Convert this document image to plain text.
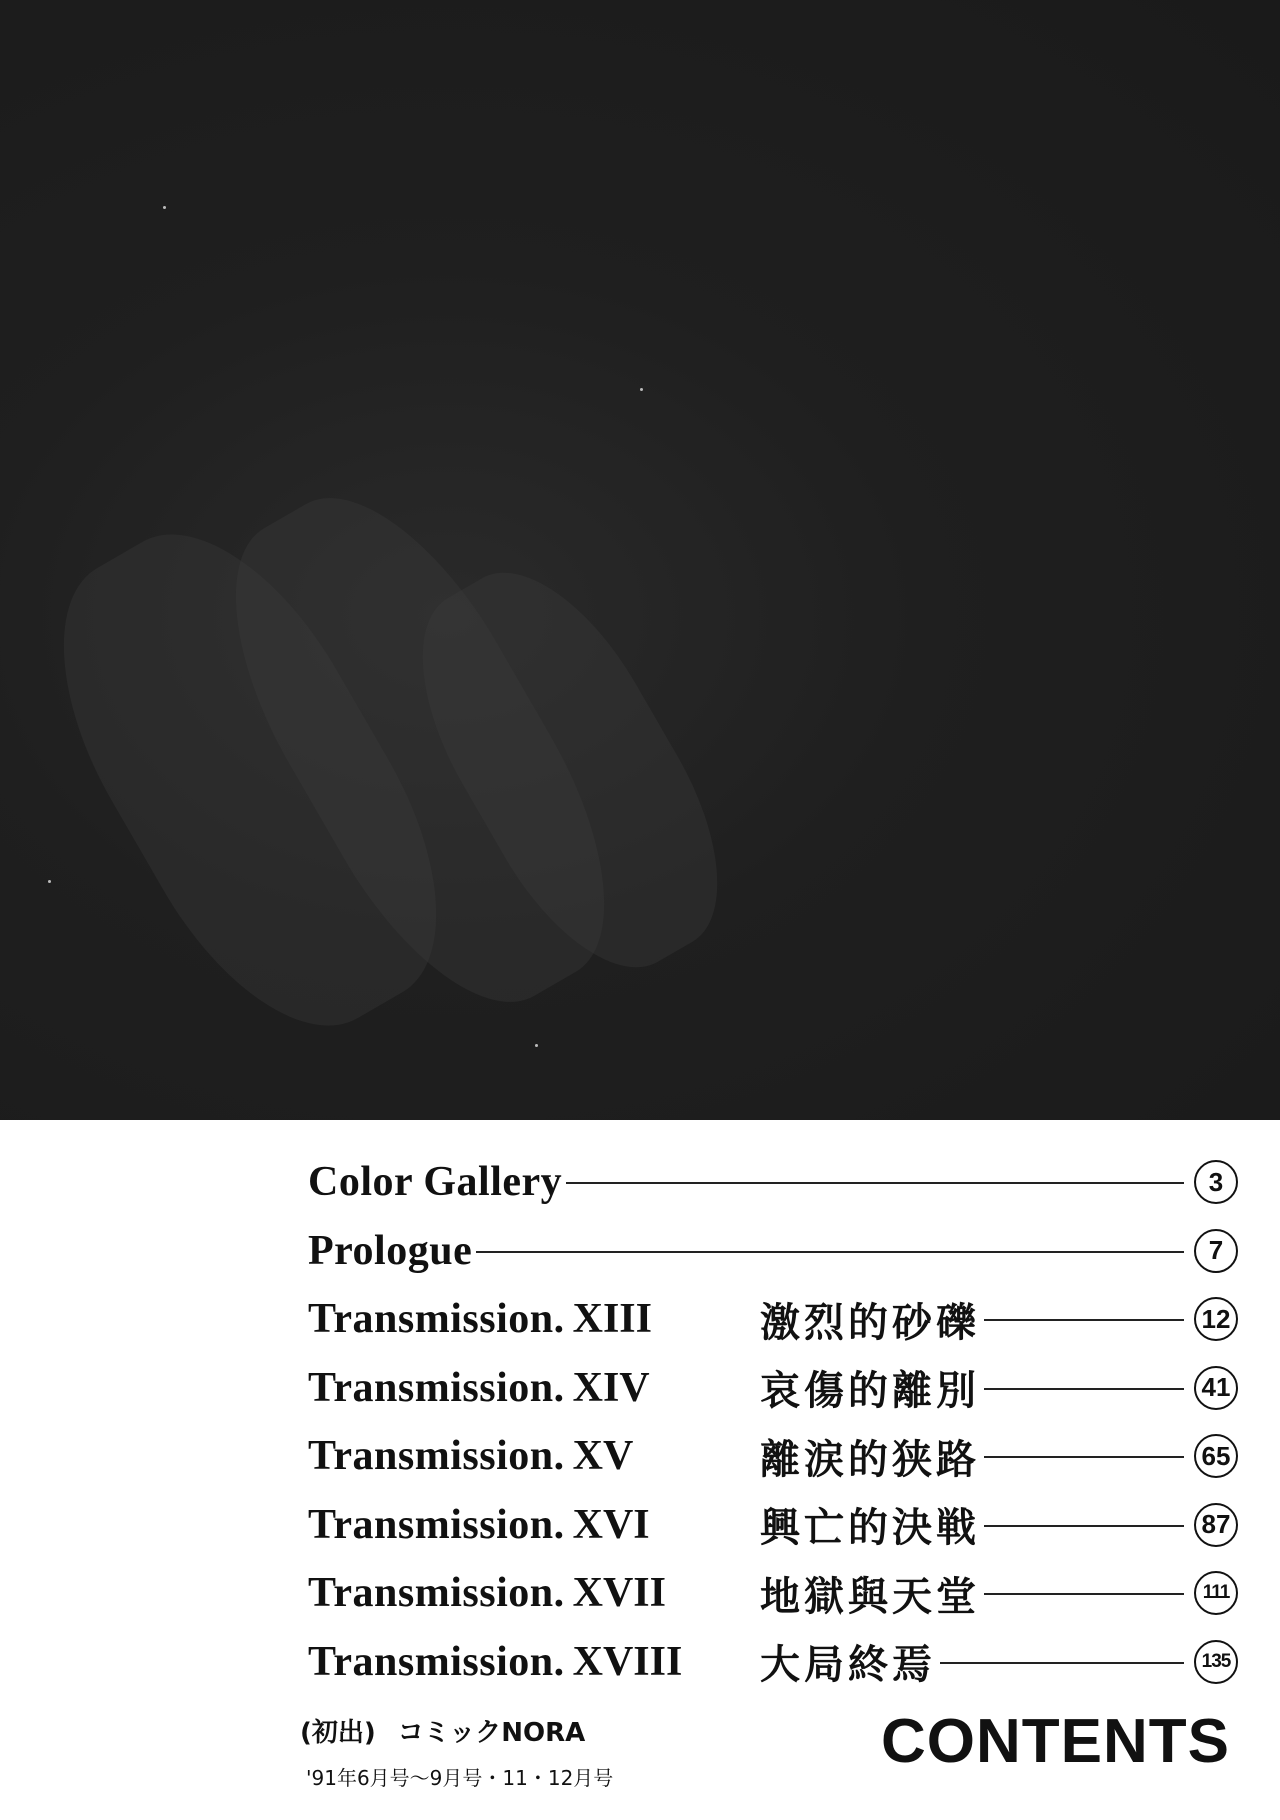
Color Gallery	3
Prologue	7
Transmission. XIII	激烈的砂礫	12
Transmission. XIV	哀傷的離別	41
Transmission. XV	離涙的狭路	65
Transmission. XVI	興亡的決戦	87
Transmission. XVII 地獄與天堂	111
Transmission. XVIII 大局終焉	135
(初出) コミックNORA
'91年6月号～9月号・11・12月号
CONTENTS
